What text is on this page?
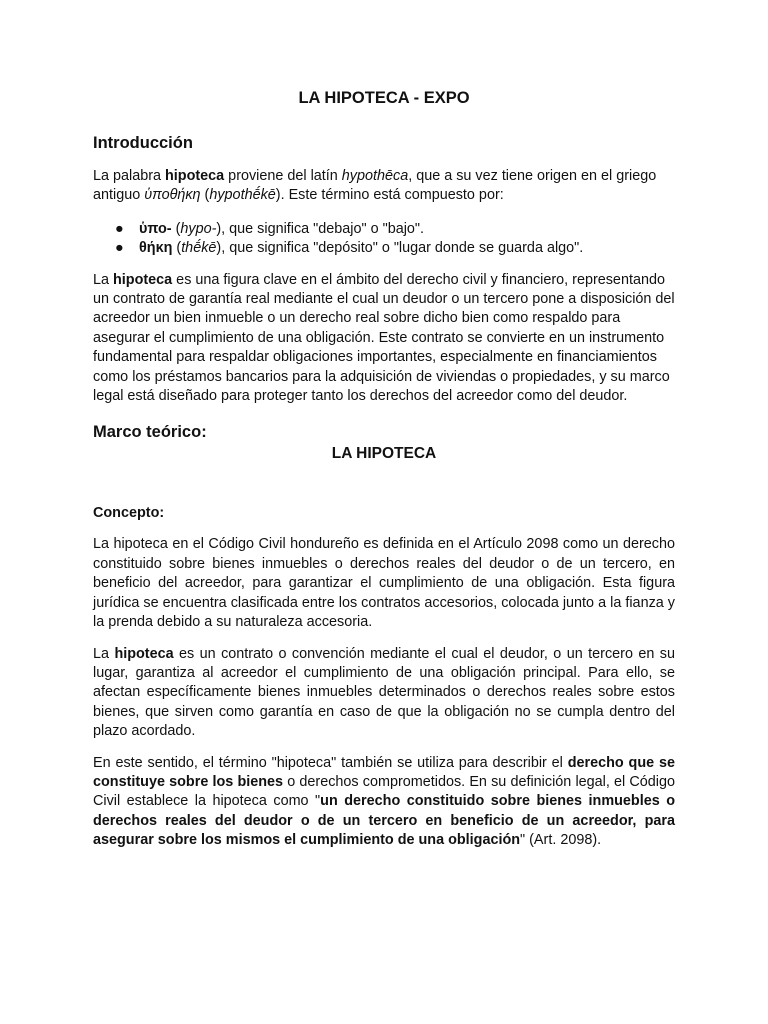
LA HIPOTECA - EXPO
Introducción

La palabra hipoteca proviene del latín hypothēca, que a su vez tiene origen en el griego antiguo ὑποθήκη (hypothḗkē). Este término está compuesto por:

● ὑπο- (hypo-), que significa "debajo" o "bajo".
● θήκη (thḗkē), que significa "depósito" o "lugar donde se guarda algo".

La hipoteca es una figura clave en el ámbito del derecho civil y financiero, representando un contrato de garantía real mediante el cual un deudor o un tercero pone a disposición del acreedor un bien inmueble o un derecho real sobre dicho bien como respaldo para asegurar el cumplimiento de una obligación. Este contrato se convierte en un instrumento fundamental para respaldar obligaciones importantes, especialmente en financiamientos como los préstamos bancarios para la adquisición de viviendas o propiedades, y su marco legal está diseñado para proteger tanto los derechos del acreedor como del deudor.

Marco teórico:
LA HIPOTECA
Concepto:

La hipoteca en el Código Civil hondureño es definida en el Artículo 2098 como un derecho constituido sobre bienes inmuebles o derechos reales del deudor o de un tercero, en beneficio del acreedor, para garantizar el cumplimiento de una obligación. Esta figura jurídica se encuentra clasificada entre los contratos accesorios, colocada junto a la fianza y la prenda debido a su naturaleza accesoria.

La hipoteca es un contrato o convención mediante el cual el deudor, o un tercero en su lugar, garantiza al acreedor el cumplimiento de una obligación principal. Para ello, se afectan específicamente bienes inmuebles determinados o derechos reales sobre estos bienes, que sirven como garantía en caso de que la obligación no se cumpla dentro del plazo acordado.

En este sentido, el término "hipoteca" también se utiliza para describir el derecho que se constituye sobre los bienes o derechos comprometidos. En su definición legal, el Código Civil establece la hipoteca como "un derecho constituido sobre bienes inmuebles o derechos reales del deudor o de un tercero en beneficio de un acreedor, para asegurar sobre los mismos el cumplimiento de una obligación" (Art. 2098).
